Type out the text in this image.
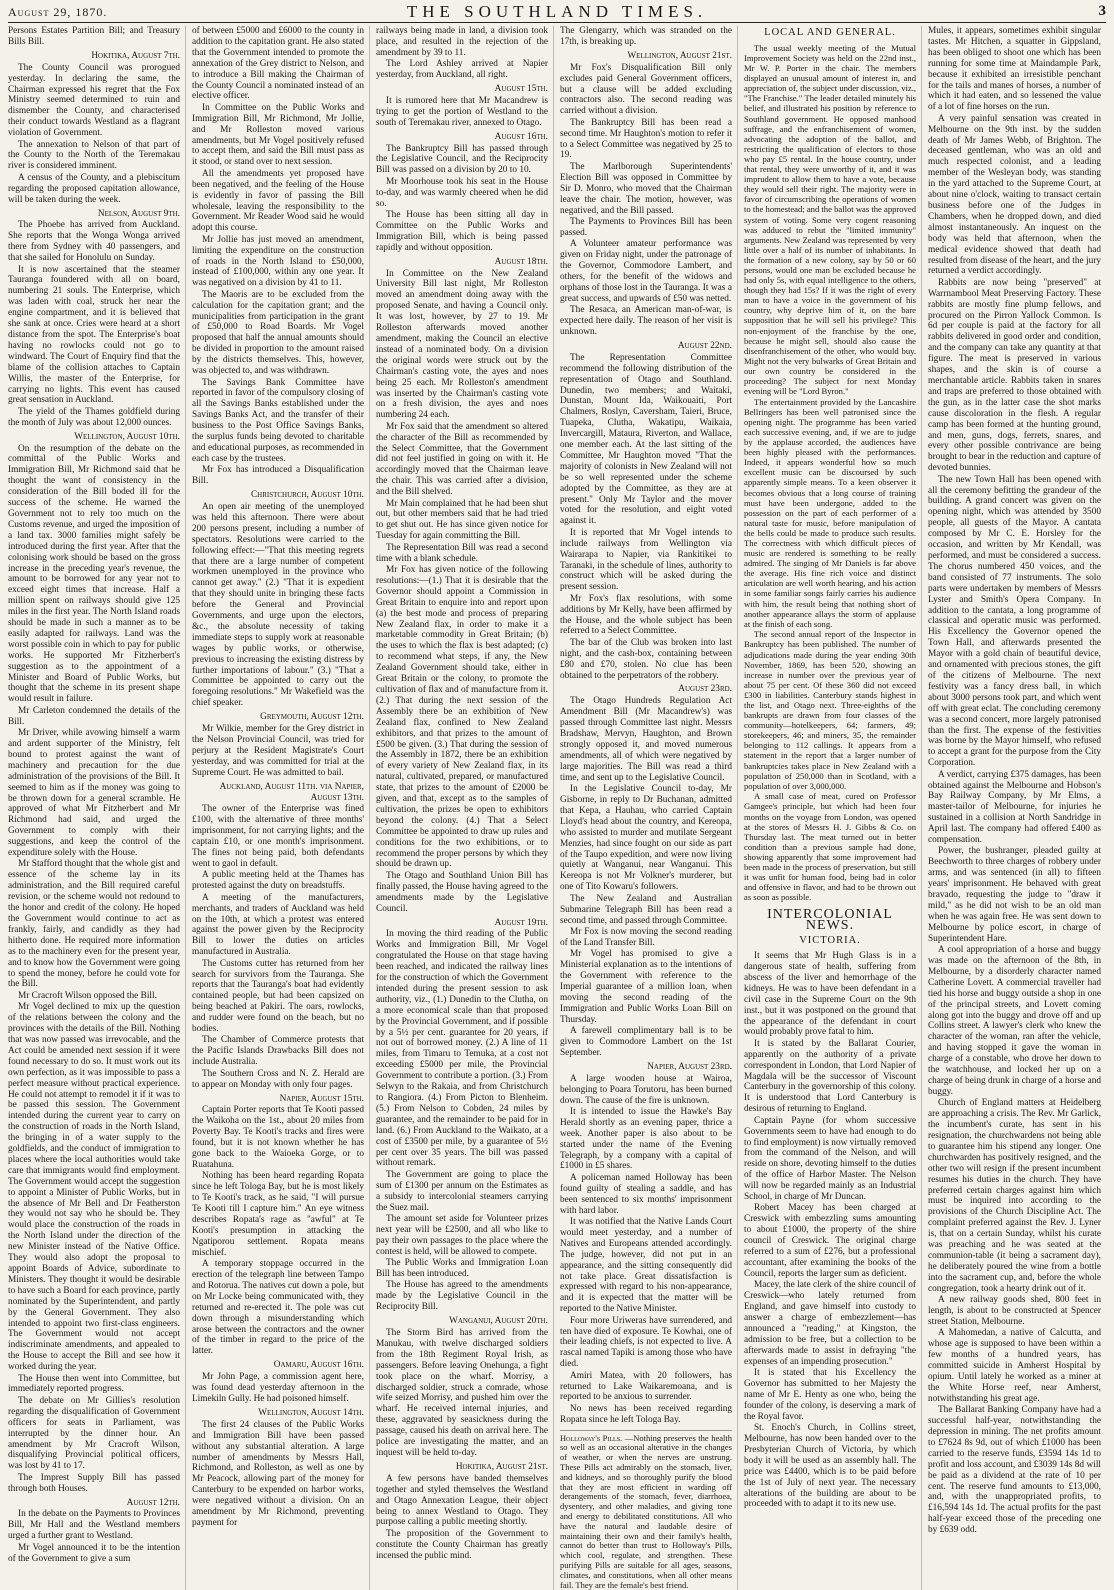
August 29, 1870.	THE SOUTHLAND TIMES.	3

Persons Estates Partition Bill; and Treasury Bills Bill.

Hokitika, August 7th.

The County Council was prorogued yesterday. In declaring the same, the Chairman expressed his regret that the Fox Ministry seemed determined to ruin and dismember the County, and characterised their conduct towards Westland as a flagrant violation of Government.

The annexation to Nelson of that part of the County to the North of the Teremakau river is considered imminent.

A census of the County, and a plebiscitum regarding the proposed capitation allowance, will be taken during the week.

Nelson, August 9th.

The Phoebe has arrived from Auckland. She reports that the Wonga Wonga arrived there from Sydney with 40 passengers, and that she sailed for Honolulu on Sunday.

It is now ascertained that the steamer Tauranga foundered with all on board, numbering 21 souls. The Enterprise, which was laden with coal, struck her near the engine compartment, and it is believed that she sank at once. Cries were heard at a short distance from the spot. The Enterprise's boat having no rowlocks could not go to windward. The Court of Enquiry find that the blame of the collision attaches to Captain Willis, the master of the Enterprise, for carrying no lights. This event has caused great sensation in Auckland.

The yield of the Thames goldfield during the month of July was about 12,000 ounces.

Wellington, August 10th.

On the resumption of the debate on the committal of the Public Works and Immigration Bill, Mr Richmond said that he thought the want of consistency in the consideration of the Bill boded ill for the success of the scheme. He warned the Government not to rely too much on the Customs revenue, and urged the imposition of a land tax. 3000 families might safely be introduced during the first year. After that the colonising work should be based on the gross increase in the preceding year's revenue, the amount to be borrowed for any year not to exceed eight times that increase. Half a million spent on railways should give 125 miles in the first year. The North Island roads should be made in such a manner as to be easily adapted for railways. Land was the worst possible coin in which to pay for public works. He supported Mr Fitzherbert's suggestion as to the appointment of a Minister and Board of Public Works, but thought that the scheme in its present shape would result in failure.

Mr Carleton condemned the details of the Bill.

Mr Driver, while avowing himself a warm and ardent supporter of the Ministry, felt bound to protest against the want of machinery and precaution for the due administration of the provisions of the Bill. It seemed to him as if the money was going to be thrown down for a general scramble. He approved of what Mr Fitzherbert and Mr Richmond had said, and urged the Government to comply with their suggestions, and keep the control of the expenditure solely with the House.

Mr Stafford thought that the whole gist and essence of the scheme lay in its administration, and the Bill required careful revision, or the scheme would not redound to the honor and credit of the colony. He hoped the Government would continue to act as frankly, fairly, and candidly as they had hitherto done. He required more information as to the machinery even for the present year, and to know how the Government were going to spend the money, before he could vote for the Bill.

Mr Cracroft Wilson opposed the Bill.

Mr Vogel declined to mix up the question of the relations between the colony and the provinces with the details of the Bill. Nothing that was now passed was irrevocable, and the Act could be amended next session if it were found necessary to do so. It must work out its own perfection, as it was impossible to pass a perfect measure without practical experience. He could not attempt to remodel it if it was to be passed this session. The Government intended during the current year to carry on the construction of roads in the North Island, the bringing in of a water supply to the goldfields, and the conduct of immigration to places where the local authorities would take care that immigrants would find employment. The Government would accept the suggestion to appoint a Minister of Public Works, but in the absence of Mr Bell and Dr Featherston they would not say who he should be. They would place the construction of the roads in the North Island under the direction of the new Minister instead of the Native Office. They would also adopt the proposal to appoint Boards of Advice, subordinate to Ministers. They thought it would be desirable to have such a Board for each province, partly nominated by the Superintendent, and partly by the General Government. They also intended to appoint two first-class engineers. The Government would not accept indiscriminate amendments, and appealed to the House to accept the Bill and see how it worked during the year.

The House then went into Committee, but immediately reported progress.

The debate on Mr Gillies's resolution regarding the disqualification of Government officers for seats in Parliament, was interrupted by the dinner hour. An amendment by Mr Cracroft Wilson, disqualifying Provincial political officers, was lost by 41 to 17.

The Imprest Supply Bill has passed through both Houses.

August 12th.

In the debate on the Payments to Provinces Bill, Mr Hall and the Westland members urged a further grant to Westland.

Mr Vogel announced it to be the intention of the Government to give a sum

of between £5000 and £6000 to the county in addition to the capitation grant. He also stated that the Government intended to promote the annexation of the Grey district to Nelson, and to introduce a Bill making the Chairman of the County Council a nominated instead of an elective officer.

In Committee on the Public Works and Immigration Bill, Mr Richmond, Mr Jollie, and Mr Rolleston moved various amendments, but Mr Vogel positively refused to accept them, and said the Bill must pass as it stood, or stand over to next session.

All the amendments yet proposed have been negatived, and the feeling of the House is evidently in favor of passing the Bill wholesale, leaving the responsibility to the Government. Mr Reader Wood said he would adopt this course.

Mr Jollie has just moved an amendment, limiting the expenditure on the construction of roads in the North Island to £50,000, instead of £100,000, within any one year. It was negatived on a division by 41 to 11.

The Maoris are to be excluded from the calculation for the capitation grant; and the municipalities from participation in the grant of £50,000 to Road Boards. Mr Vogel proposed that half the annual amounts should be divided in proportion to the amount raised by the districts themselves. This, however, was objected to, and was withdrawn.

The Savings Bank Committee have reported in favor of the compulsory closing of all the Savings Banks established under the Savings Banks Act, and the transfer of their business to the Post Office Savings Banks, the surplus funds being devoted to charitable and educational purposes, as recommended in each case by the trustees.

Mr Fox has introduced a Disqualification Bill.

Christchurch, August 10th.

An open air meeting of the unemployed was held this afternoon. There were about 200 persons present, including a number of spectators. Resolutions were carried to the following effect:—"That this meeting regrets that there are a large number of competent workmen unemployed in the province who cannot get away." (2.) "That it is expedient that they should unite in bringing these facts before the General and Provincial Governments, and urge upon the electors, &c., the absolute necessity of taking immediate steps to supply work at reasonable wages by public works, or otherwise, previous to increasing the existing distress by further importations of labour." (3.) "That a Committee be appointed to carry out the foregoing resolutions." Mr Wakefield was the chief speaker.

Greymouth, August 12th.

Mr Wilkie, member for the Grey district in the Nelson Provincial Council, was tried for perjury at the Resident Magistrate's Court yesterday, and was committed for trial at the Supreme Court. He was admitted to bail.

Auckland, August 11th. via Napier, August 13th.

The owner of the Enterprise was fined £100, with the alternative of three months' imprisonment, for not carrying lights; and the captain £10, or one month's imprisonment. The fines not being paid, both defendants went to gaol in default.

A public meeting held at the Thames has protested against the duty on breadstuffs.

A meeting of the manufacturers, merchants, and traders of Auckland was held on the 10th, at which a protest was entered against the power given by the Reciprocity Bill to lower the duties on articles manufactured in Australia.

The Customs cutter has returned from her search for survivors from the Tauranga. She reports that the Tauranga's boat had evidently contained people, but had been capsized on being beached at Pakiri. The oars, rowlocks, and rudder were found on the beach, but no bodies.

The Chamber of Commerce protests that the Pacific Islands Drawbacks Bill does not include Australia.

The Southern Cross and N. Z. Herald are to appear on Monday with only four pages.

Napier, August 15th.

Captain Porter reports that Te Kooti passed the Waikoha on the 1st., about 20 miles from Poverty Bay. Te Kooti's tracks and fires were found, but it is not known whether he has gone back to the Waioeka Gorge, or to Ruatahuna.

Nothing has been heard regarding Ropata since he left Tologa Bay, but he is most likely to Te Kooti's track, as he said, "I will pursue Te Kooti till I capture him." An eye witness describes Ropata's rage as "awful" at Te Kooti's presumption in attacking the Ngatiporou settlement. Ropata means mischief.

A temporary stoppage occurred in the erection of the telegraph line between Tampo and Rotorua. The natives cut down a pole, but on Mr Locke being communicated with, they returned and re-erected it. The pole was cut down through a misunderstanding which arose between the contractors and the owner of the timber in regard to the price of the latter.

Oamaru, August 16th.

Mr John Page, a commission agent here, was found dead yesterday afternoon in the Limekiln Gully. He had poisoned himself.

Wellington, August 14th.

The first 24 clauses of the Public Works and Immigration Bill have been passed without any substantial alteration. A large number of amendments by Messrs Hall, Richmond, and Rolleston, as well as one by Mr Peacock, allowing part of the money for Canterbury to be expended on harbor works, were negatived without a division. On an amendment by Mr Richmond, preventing payment for

railways being made in land, a division took place, and resulted in the rejection of the amendment by 39 to 11.

The Lord Ashley arrived at Napier yesterday, from Auckland, all right.

August 15th.

It is rumored here that Mr Macandrew is trying to get the portion of Westland to the south of Teremakau river, annexed to Otago.

August 16th.

The Bankruptcy Bill has passed through the Legislative Council, and the Reciprocity Bill was passed on a division by 20 to 10.

Mr Moorhouse took his seat in the House to-day, and was warmly cheered when he did so.

The House has been sitting all day in Committee on the Public Works and Immigration Bill, which is being passed rapidly and without opposition.

August 18th.

In Committee on the New Zealand University Bill last night, Mr Rolleston moved an amendment doing away with the proposed Senate, and having a Council only. It was lost, however, by 27 to 19. Mr Rolleston afterwards moved another amendment, making the Council an elective instead of a nominated body. On a division the original words were struck out by the Chairman's casting vote, the ayes and noes being 25 each. Mr Rolleston's amendment was inserted by the Chairman's casting vote on a fresh division, the ayes and noes numbering 24 each.

Mr Fox said that the amendment so altered the character of the Bill as recommended by the Select Committee, that the Government did not feel justified in going on with it. He accordingly moved that the Chairman leave the chair. This was carried after a division, and the Bill shelved.

Mr Main complained that he had been shut out, but other members said that he had tried to get shut out. He has since given notice for Tuesday for again committing the Bill.

The Representation Bill was read a second time with a blank schedule.

Mr Fox has given notice of the following resolutions:—(1.) That it is desirable that the Governor should appoint a Commission in Great Britain to enquire into and report upon (a) the best mode and process of preparing New Zealand flax, in order to make it a marketable commodity in Great Britain; (b) the uses to which the flax is best adapted; (c) to recommend what steps, if any, the New Zealand Government should take, either in Great Britain or the colony, to promote the cultivation of flax and of manufacture from it. (2.) That during the next session of the Assembly there be an exhibition of New Zealand flax, confined to New Zealand exhibitors, and that prizes to the amount of £500 be given. (3.) That during the session of the Assembly in 1872, there be an exhibition of every variety of New Zealand flax, in its natural, cultivated, prepared, or manufactured state, that prizes to the amount of £2000 be given, and that, except as to the samples of cultivation, the prizes be open to exhibitors beyond the colony. (4.) That a Select Committee be appointed to draw up rules and conditions for the two exhibitions, or to recommend the proper persons by which they should be drawn up.

The Otago and Southland Union Bill has finally passed, the House having agreed to the amendments made by the Legislative Council.

August 19th.

In moving the third reading of the Public Works and Immigration Bill, Mr Vogel congratulated the House on that stage having been reached, and indicated the railway lines for the construction of which the Government intended during the present session to ask authority, viz., (1.) Dunedin to the Clutha, on a more economical scale than that proposed by the Provincial Government, and if possible by a 5½ per cent. guarantee for 20 years, if not out of borrowed money. (2.) A line of 11 miles, from Timaru to Temuka, at a cost not exceeding £5000 per mile, the Provincial Government to contribute a portion. (3.) From Selwyn to the Rakaia, and from Christchurch to Rangiora. (4.) From Picton to Blenheim. (5.) From Nelson to Cobden, 24 miles by guarantee, and the remainder to be paid for in land. (6.) From Auckland to the Waikato, at a cost of £3500 per mile, by a guarantee of 5½ per cent over 35 years. The bill was passed without remark.

The Government are going to place the sum of £1300 per annum on the Estimates as a subsidy to intercolonial steamers carrying the Suez mail.

The amount set aside for Volunteer prizes next year will be £2500, and all who like to pay their own passages to the place where the contest is held, will be allowed to compete.

The Public Works and Immigration Loan Bill has been introduced.

The House has agreed to the amendments made by the Legislative Council in the Reciprocity Bill.

Wanganui, August 20th.

The Storm Bird has arrived from the Manukau, with twelve discharged soldiers from the 18th Regiment Royal Irish, as passengers. Before leaving Onehunga, a fight took place on the wharf. Morrisy, a discharged soldier, struck a comrade, whose wife seized Morrisy, and pushed him over the wharf. He received internal injuries, and these, aggravated by seasickness during the passage, caused his death on arrival here. The police are investigating the matter, and an inquest will be held to-day.

Hokitika, August 21st.

A few persons have banded themselves together and styled themselves the Westland and Otago Annexation League, their object being to annex Westland to Otago. They purpose calling a public meeting shortly.

The proposition of the Government to constitute the County Chairman has greatly incensed the public mind.

The Glengarry, which was stranded on the 17th, is breaking up.

Wellington, August 21st.

Mr Fox's Disqualification Bill only excludes paid General Government officers, but a clause will be added excluding contractors also. The second reading was carried without a division.

The Bankruptcy Bill has been read a second time. Mr Haughton's motion to refer it to a Select Committee was negatived by 25 to 19.

The Marlborough Superintendents' Election Bill was opposed in Committee by Sir D. Monro, who moved that the Chairman leave the chair. The motion, however, was negatived, and the Bill passed.

The Payments to Provinces Bill has been passed.

A Volunteer amateur performance was given on Friday night, under the patronage of the Governor, Commodore Lambert, and others, for the benefit of the widows and orphans of those lost in the Tauranga. It was a great success, and upwards of £50 was netted.

The Resaca, an American man-of-war, is expected here daily. The reason of her visit is unknown.

August 22nd.

The Representation Committee recommend the following distribution of the representation of Otago and Southland. Dunedin, two members; and Waitaki, Dunstan, Mount Ida, Waikouaiti, Port Chalmers, Roslyn, Caversham, Taieri, Bruce, Tuapeka, Clutha, Wakatipu, Waikaia, Invercargill, Mataura, Riverton, and Wallace, one member each. At the last sitting of the Committee, Mr Haughton moved "That the majority of colonists in New Zealand will not be so well represented under the scheme adopted by the Committee, as they are at present." Only Mr Taylor and the mover voted for the resolution, and eight voted against it.

It is reported that Mr Vogel intends to include railways from Wellington via Wairarapa to Napier, via Rankitikei to Taranaki, in the schedule of lines, authority to construct which will be asked during the present session.

Mr Fox's flax resolutions, with some additions by Mr Kelly, have been affirmed by the House, and the whole subject has been referred to a Select Committee.

The bar of the Club was broken into last night, and the cash-box, containing between £80 and £70, stolen. No clue has been obtained to the perpetrators of the robbery.

August 23rd.

The Otago Hundreds Regulation Act Amendment Bill (Mr Macandrew's) was passed through Committee last night. Messrs Bradshaw, Mervyn, Haughton, and Brown strongly opposed it, and moved numerous amendments, all of which were negatived by large majorities. The Bill was read a third time, and sent up to the Legislative Council.

In the Legislative Council to-day, Mr Gisborne, in reply to Dr Buchanan, admitted that Kepa, a Hauhau, who carried Captain Lloyd's head about the country, and Kereopa, who assisted to murder and mutilate Sergeant Menzies, had since fought on our side as part of the Taupo expedition, and were now living quietly at Wanganui, near Wanganui. This Kereopa is not Mr Volkner's murderer, but one of Tito Kowaru's followers.

The New Zealand and Australian Submarine Telegraph Bill has been read a second time, and passed through Committee.

Mr Fox is now moving the second reading of the Land Transfer Bill.

Mr Vogel has promised to give a Ministerial explanation as to the intentions of the Government with reference to the Imperial guarantee of a million loan, when moving the second reading of the Immigration and Public Works Loan Bill on Thursday.

A farewell complimentary ball is to be given to Commodore Lambert on the 1st September.

Napier, August 23rd.

A large wooden house at Wairoa, belonging to Poara Torutoru, has been burned down. The cause of the fire is unknown.

It is intended to issue the Hawke's Bay Herald shortly as an evening paper, thrice a week. Another paper is also about to be started under the name of the Evening Telegraph, by a company with a capital of £1000 in £5 shares.

A policeman named Holloway has been found guilty of stealing a saddle, and has been sentenced to six months' imprisonment with hard labor.

It was notified that the Native Lands Court would meet yesterday, and a number of Natives and Europeans attended accordingly. The judge, however, did not put in an appearance, and the sitting consequently did not take place. Great dissatisfaction is expressed with regard to his non-appearance, and it is expected that the matter will be reported to the Native Minister.

Four more Uriweras have surrendered, and ten have died of exposure. Te Kowhai, one of their leading chiefs, is not expected to live. A rascal named Tapiki is among those who have died.

Amiri Matea, with 20 followers, has returned to Lake Waikaremoana, and is reported to be anxious to surrender.

No news has been received regarding Ropata since he left Tologa Bay.

Holloway's Pills. —Nothing preserves the health so well as an occasional alterative in the changes of weather, or when the nerves are unstrung. These Pills act admirably on the stomach, liver, and kidneys, and so thoroughly purify the blood that they are most efficient in warding off derangements of the stomach, fever, diarrhoea, dysentery, and other maladies, and giving tone and energy to debilitated constitutions. All who have the natural and laudable desire of maintaining their own and their family's health, cannot do better than trust to Holloway's Pills, which cool, regulate, and strengthen. These purifying Pills are suitable for all ages, seasons, climates, and constitutions, when all other means fail. They are the female's best friend.
LOCAL AND GENERAL.

The usual weekly meeting of the Mutual Improvement Society was held on the 22nd inst., Mr W. P. Porter in the chair. The members displayed an unusual amount of interest in, and appreciation of, the subject under discussion, viz., "The Franchise." The leader detailed minutely his belief, and illustrated his position by reference to Southland government. He opposed manhood suffrage, and the enfranchisement of women, advocating the adoption of the ballot, and restricting the qualification of electors to those who pay £5 rental. In the house country, under that rental, they were unworthy of it, and it was imprudent to allow them to have a vote, because they would sell their right. The majority were in favor of circumscribing the operations of women to the homestead; and the ballot was the approved system of voting. Some very cogent reasoning was adduced to rebut the "limited immunity" arguments. New Zealand was represented by very little over a half of its number of inhabitants. In the formation of a new colony, say by 50 or 60 persons, would one man be excluded because he had only 5s, with equal intelligence to the others, though they had 15s? If it was the right of every man to have a voice in the government of his country, why deprive him of it, on the bare supposition that he will sell his privilege? This non-enjoyment of the franchise by the one, because he might sell, should also cause the disenfranchisement of the other, who would buy. Might not the very bulwarks of Great Britain and our own country be considered in the proceeding? The subject for next Monday evening will be "Lord Byron."

The entertainment provided by the Lancashire Bellringers has been well patronised since the opening night. The programme has been varied each successive evening, and, if we are to judge by the applause accorded, the audiences have been highly pleased with the performances. Indeed, it appears wonderful how so much excellent music can be discoursed by such apparently simple means. To a keen observer it becomes obvious that a long course of training must have been undergone, added to the possession on the part of each performer of a natural taste for music, before manipulation of the bells could be made to produce such results. The correctness with which difficult pieces of music are rendered is something to be really admired. The singing of Mr Daniels is far above the average. His fine rich voice and distinct articulation are well worth hearing, and his action in some familiar songs fairly carries his audience with him, the result being that nothing short of another appearance allays the storm of applause at the finish of each song.

The second annual report of the Inspector in Bankruptcy has been published. The number of adjudications made during the year ending 30th November, 1869, has been 520, showing an increase in number over the previous year of about 75 per cent. Of these 360 did not exceed £300 in liabilities. Canterbury stands highest in the list, and Otago next. Three-eighths of the bankrupts are drawn from four classes of the community—hotelkeepers, 64; farmers, 49; storekeepers, 46; and miners, 35, the remainder belonging to 112 callings. It appears from a statement in the report that a larger number of bankruptcies takes place in New Zealand with a population of 250,000 than in Scotland, with a population of over 3,000,000.

A small case of meat, cured on Professor Gamgee's principle, but which had been four months on the voyage from London, was opened at the stores of Messrs H. J. Gibbs & Co. on Thursday last. The meat turned out in better condition than a previous sample had done, showing apparently that some improvement had been made in the process of preservation, but still it was unfit for human food, being bad in color and offensive in flavor, and had to be thrown out as soon as possible.

INTERCOLONIAL NEWS.
VICTORIA.

It seems that Mr Hugh Glass is in a dangerous state of health, suffering from abscess of the liver and hemorrhage of the kidneys. He was to have been defendant in a civil case in the Supreme Court on the 9th inst., but it was postponed on the ground that the appearance of the defendant in court would probably prove fatal to him.

It is stated by the Ballarat Courier, apparently on the authority of a private correspondent in London, that Lord Napier of Magdala will be the successor of Viscount Canterbury in the governorship of this colony. It is understood that Lord Canterbury is desirous of returning to England.

Captain Payne (for whom successive Governments seem to have had enough to do to find employment) is now virtually removed from the command of the Nelson, and will reside on shore, devoting himself to the duties of the office of Harbor Master. The Nelson will now be regarded mainly as an Industrial School, in charge of Mr Duncan.

Robert Macey has been charged at Creswick with embezzling sums amounting to about £1000, the property of the shire council of Creswick. The original charge referred to a sum of £276, but a professional accountant, after examining the books of the Council, reports the larger sum as deficient.

Macey, the late clerk of the shire council of Creswick—who lately returned from England, and gave himself into custody to answer a charge of embezzlement—has announced a "reading," at Kingston, the admission to be free, but a collection to be afterwards made to assist in defraying "the expenses of an impending prosecution."

It is stated that his Excellency the Governor has submitted to her Majesty the name of Mr E. Henty as one who, being the founder of the colony, is deserving a mark of the Royal favor.

St. Enoch's Church, in Collins street, Melbourne, has now been handed over to the Presbyterian Church of Victoria, by which body it will be used as an assembly hall. The price was £4400, which is to be paid before the 1st of July of next year. The necessary alterations of the building are about to be proceeded with to adapt it to its new use.

Mules, it appears, sometimes exhibit singular tastes. Mr Hitchen, a squatter in Gippsland, has been obliged to shoot one which has been running for some time at Maindample Park, because it exhibited an irresistible penchant for the tails and manes of horses, a number of which it had eaten, and so lessened the value of a lot of fine horses on the run.

A very painful sensation was created in Melbourne on the 9th inst. by the sudden death of Mr James Webb, of Brighton. The deceased gentleman, who was an old and much respected colonist, and a leading member of the Wesleyan body, was standing in the yard attached to the Supreme Court, at about nine o'clock, waiting to transact certain business before one of the Judges in Chambers, when he dropped down, and died almost instantaneously. An inquest on the body was held that afternoon, when the medical evidence showed that death had resulted from disease of the heart, and the jury returned a verdict accordingly.

Rabbits are now being "preserved" at Warrnambool Meat Preserving Factory. These rabbits are mostly fine plump fellows, and procured on the Pirron Yallock Common. Is 6d per couple is paid at the factory for all rabbits delivered in good order and condition, and the company can take any quantity at that figure. The meat is preserved in various shapes, and the skin is of course a merchantable article. Rabbits taken in snares and traps are preferred to those obtained with the gun, as in the latter case the shot marks cause discoloration in the flesh. A regular camp has been formed at the hunting ground, and men, guns, dogs, ferrets, snares, and every other possible contrivance are being brought to bear in the reduction and capture of devoted bunnies.

The new Town Hall has been opened with all the ceremony befitting the grandeur of the building. A grand concert was given on the opening night, which was attended by 3500 people, all guests of the Mayor. A cantata composed by Mr C. E. Horsley for the occasion, and written by Mr Kendall, was performed, and must be considered a success. The chorus numbered 450 voices, and the band consisted of 77 instruments. The solo parts were undertaken by members of Messrs Lyster and Smith's Opera Company. In addition to the cantata, a long programme of classical and operatic music was performed. His Excellency the Governor opened the Town Hall, and afterwards presented the Mayor with a gold chain of beautiful device, and ornamented with precious stones, the gift of the citizens of Melbourne. The next festivity was a fancy dress ball, in which about 3000 persons took part, and which went off with great eclat. The concluding ceremony was a second concert, more largely patronised than the first. The expense of the festivities was borne by the Mayor himself, who refused to accept a grant for the purpose from the City Corporation.

A verdict, carrying £375 damages, has been obtained against the Melbourne and Hobson's Bay Railway Company, by Mr Elms, a master-tailor of Melbourne, for injuries he sustained in a collision at North Sandridge in April last. The company had offered £400 as compensation.

Power, the bushranger, pleaded guilty at Beechworth to three charges of robbery under arms, and was sentenced (in all) to fifteen years' imprisonment. He behaved with great bravado, requesting the judge to "draw it mild," as he did not wish to be an old man when he was again free. He was sent down to Melbourne by police escort, in charge of Superintendent Hare.

A cool appropriation of a horse and buggy was made on the afternoon of the 8th, in Melbourne, by a disorderly character named Catherine Lovett. A commercial traveller had tied his horse and buggy outside a shop in one of the principal streets, and Lovett coming along got into the buggy and drove off and up Collins street. A lawyer's clerk who knew the character of the woman, ran after the vehicle, and having stopped it gave the woman in charge of a constable, who drove her down to the watchhouse, and locked her up on a charge of being drunk in charge of a horse and buggy.

Church of England matters at Heidelberg are approaching a crisis. The Rev. Mr Garlick, the incumbent's curate, has sent in his resignation, the churchwardens not being able to guarantee him his stipend any longer. One churchwarden has positively resigned, and the other two will resign if the present incumbent resumes his duties in the church. They have preferred certain charges against him which must be inquired into according to the provisions of the Church Discipline Act. The complaint preferred against the Rev. J. Lyner is, that on a certain Sunday, whilst his curate was preaching and he was seated at the communion-table (it being a sacrament day), he deliberately poured the wine from a bottle into the sacrament cup, and, before the whole congregation, took a hearty drink out of it.

A new railway goods shed, 800 feet in length, is about to be constructed at Spencer street Station, Melbourne.

A Mahomedan, a native of Calcutta, and whose age is supposed to have been within a few months of a hundred years, has committed suicide in Amherst Hospital by opium. Until lately he worked as a miner at the White Horse reef, near Amherst, notwithstanding his great age.

The Ballarat Banking Company have had a successful half-year, notwithstanding the depression in mining. The net profits amount to £7624 8s 9d, out of which £1000 has been carried to the reserve funds, £3594 14s 1d to profit and loss account, and £3039 14s 8d will be paid as a dividend at the rate of 10 per cent. The reserve fund amounts to £13,000, and, with the unappropriated profits, to £16,594 14s 1d. The actual profits for the past half-year exceed those of the preceding one by £639 odd.
